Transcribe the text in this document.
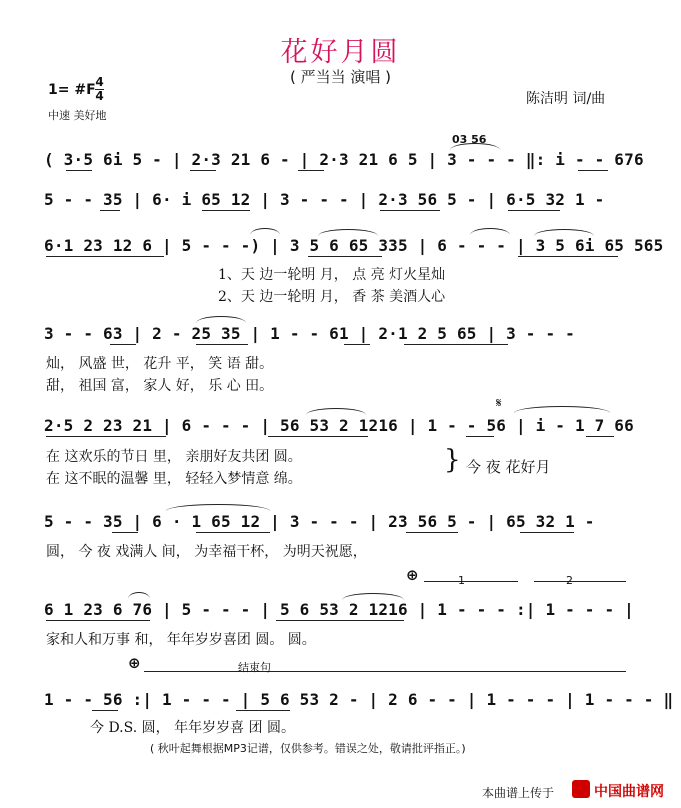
花好月圆
( 严当当 演唱 )
1= #F 4
4
中速 美好地
陈洁明 词/曲
03 56
( 3·5 6i 5 - | 2·3 21 6 - | 2·3 21 6 5 | 3 - - - ‖: i - - 676
5 - - 35 | 6· i 65 12 | 3 - - - | 2·3 56 5 - | 6·5 32 1 -
6·1 23 12 6 | 5 - - -) | 3 5 6 65 335 | 6 - - - | 3 5 6i 65 565
1、天 边一轮明 月， 点 亮 灯火星灿
2、天 边一轮明 月， 香 茶 美酒人心
3 - - 63 | 2 - 25 35 | 1 - - 61 | 2·1 2 5 65 | 3 - - -
灿， 风盛 世， 花升 平， 笑 语 甜。
甜， 祖国 富， 家人 好， 乐 心 田。
𝄋
2·5 2 23 21 | 6 - - - | 56 53 2 1216 | 1 - - 56 | i - 1 7 66
在 这欢乐的节日 里， 亲朋好友共团 圆。
在 这不眠的温馨 里， 轻轻入梦情意 绵。
} 今 夜 花好月
5 - - 35 | 6 · 1 65 12 | 3 - - - | 23 56 5 - | 65 32 1 -
圆， 今 夜 戏满人 间， 为幸福干杯， 为明天祝愿，
⊕	1	2
6 1 23 6 76 | 5 - - - | 5 6 53 2 1216 | 1 - - - :| 1 - - - |
家和人和万事 和， 年年岁岁喜团 圆。 圆。
⊕	结束句
1 - - 56 :| 1 - - - | 5 6 53 2 - | 2 6 - - | 1 - - - | 1 - - - ‖
今 D.S. 圆， 年年岁岁喜 团 圆。
( 秋叶起舞根据MP3记谱，仅供参考。错误之处，敬请批评指正。)
本曲谱上传于	中国曲谱网
